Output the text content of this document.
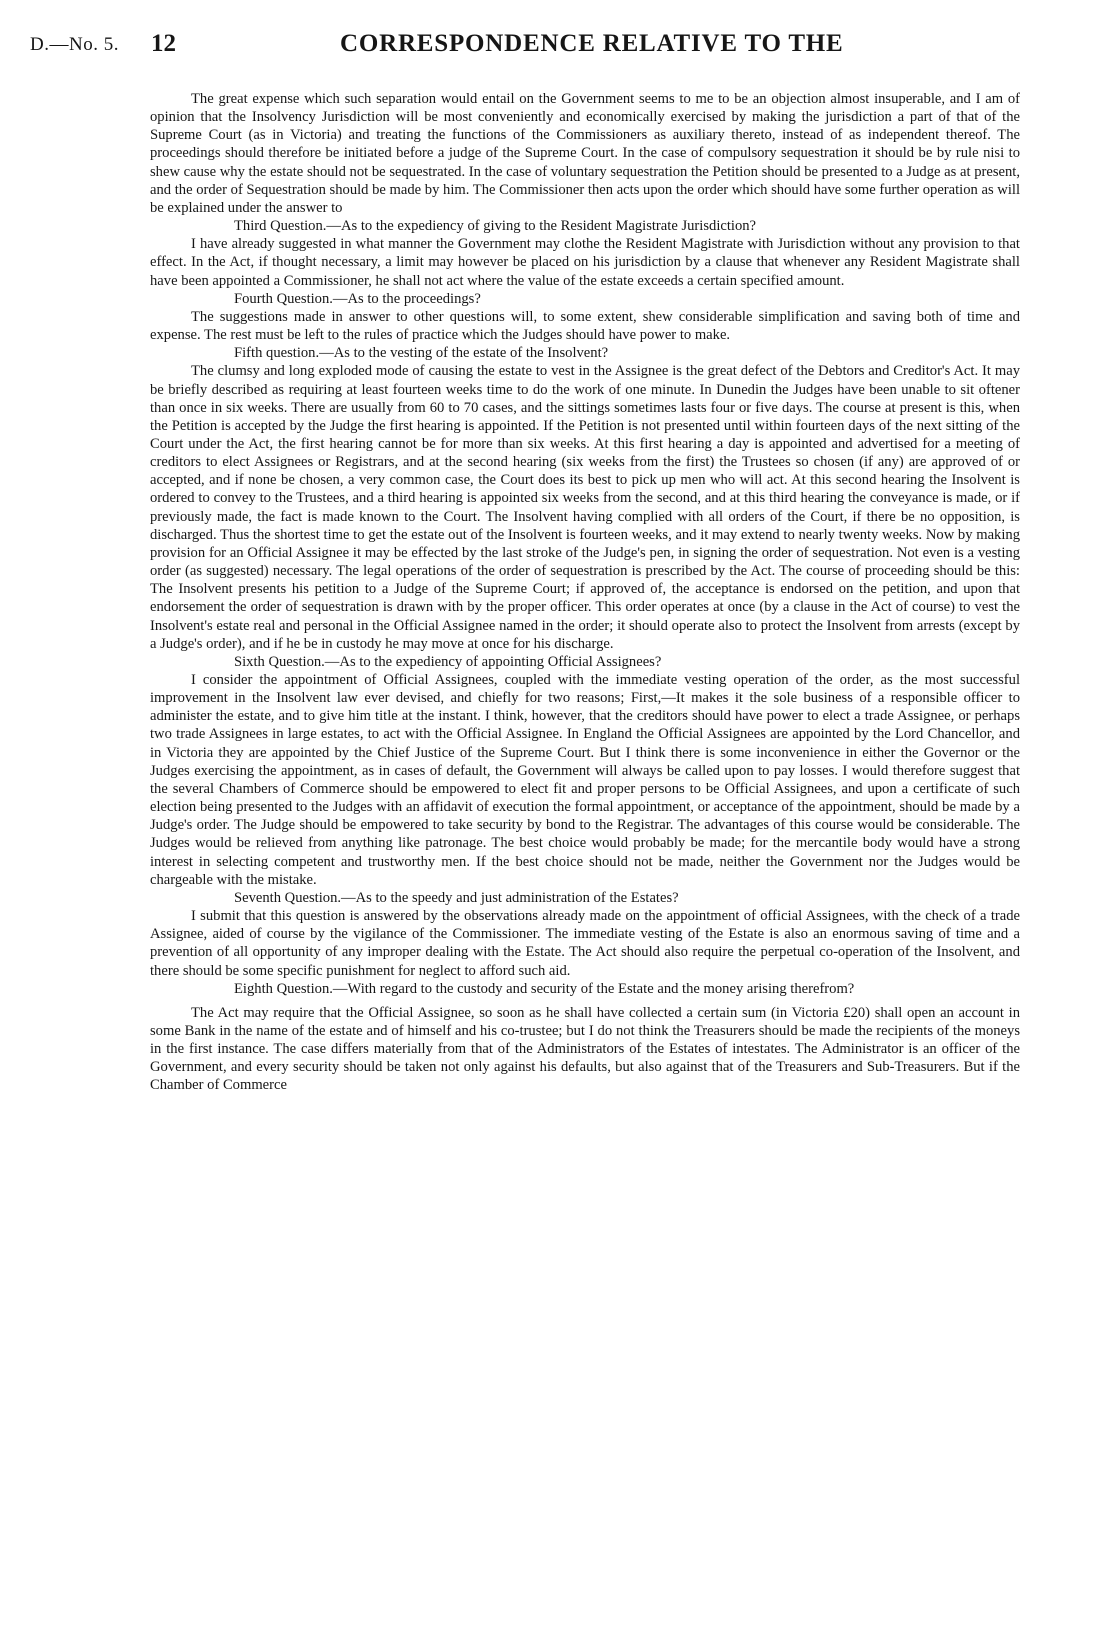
D.—No. 5. 12	CORRESPONDENCE RELATIVE TO THE

The great expense which such separation would entail on the Government seems to me to be an objection almost insuperable, and I am of opinion that the Insolvency Jurisdiction will be most conveniently and economically exercised by making the jurisdiction a part of that of the Supreme Court (as in Victoria) and treating the functions of the Commissioners as auxiliary thereto, instead of as independent thereof. The proceedings should therefore be initiated before a judge of the Supreme Court. In the case of compulsory sequestration it should be by rule nisi to shew cause why the estate should not be sequestrated. In the case of voluntary sequestration the Petition should be presented to a Judge as at present, and the order of Sequestration should be made by him. The Commissioner then acts upon the order which should have some further operation as will be explained under the answer to

Third Question.—As to the expediency of giving to the Resident Magistrate Jurisdiction?

I have already suggested in what manner the Government may clothe the Resident Magistrate with Jurisdiction without any provision to that effect. In the Act, if thought necessary, a limit may however be placed on his jurisdiction by a clause that whenever any Resident Magistrate shall have been appointed a Commissioner, he shall not act where the value of the estate exceeds a certain specified amount.

Fourth Question.—As to the proceedings?

The suggestions made in answer to other questions will, to some extent, shew considerable simplification and saving both of time and expense. The rest must be left to the rules of practice which the Judges should have power to make.

Fifth question.—As to the vesting of the estate of the Insolvent?

The clumsy and long exploded mode of causing the estate to vest in the Assignee is the great defect of the Debtors and Creditor's Act. It may be briefly described as requiring at least fourteen weeks time to do the work of one minute. In Dunedin the Judges have been unable to sit oftener than once in six weeks. There are usually from 60 to 70 cases, and the sittings sometimes lasts four or five days. The course at present is this, when the Petition is accepted by the Judge the first hearing is appointed. If the Petition is not presented until within fourteen days of the next sitting of the Court under the Act, the first hearing cannot be for more than six weeks. At this first hearing a day is appointed and advertised for a meeting of creditors to elect Assignees or Registrars, and at the second hearing (six weeks from the first) the Trustees so chosen (if any) are approved of or accepted, and if none be chosen, a very common case, the Court does its best to pick up men who will act. At this second hearing the Insolvent is ordered to convey to the Trustees, and a third hearing is appointed six weeks from the second, and at this third hearing the conveyance is made, or if previously made, the fact is made known to the Court. The Insolvent having complied with all orders of the Court, if there be no opposition, is discharged. Thus the shortest time to get the estate out of the Insolvent is fourteen weeks, and it may extend to nearly twenty weeks. Now by making provision for an Official Assignee it may be effected by the last stroke of the Judge's pen, in signing the order of sequestration. Not even is a vesting order (as suggested) necessary. The legal operations of the order of sequestration is prescribed by the Act. The course of proceeding should be this: The Insolvent presents his petition to a Judge of the Supreme Court; if approved of, the acceptance is endorsed on the petition, and upon that endorsement the order of sequestration is drawn with by the proper officer. This order operates at once (by a clause in the Act of course) to vest the Insolvent's estate real and personal in the Official Assignee named in the order; it should operate also to protect the Insolvent from arrests (except by a Judge's order), and if he be in custody he may move at once for his discharge.

Sixth Question.—As to the expediency of appointing Official Assignees?

I consider the appointment of Official Assignees, coupled with the immediate vesting operation of the order, as the most successful improvement in the Insolvent law ever devised, and chiefly for two reasons; First,—It makes it the sole business of a responsible officer to administer the estate, and to give him title at the instant. I think, however, that the creditors should have power to elect a trade Assignee, or perhaps two trade Assignees in large estates, to act with the Official Assignee. In England the Official Assignees are appointed by the Lord Chancellor, and in Victoria they are appointed by the Chief Justice of the Supreme Court. But I think there is some inconvenience in either the Governor or the Judges exercising the appointment, as in cases of default, the Government will always be called upon to pay losses. I would therefore suggest that the several Chambers of Commerce should be empowered to elect fit and proper persons to be Official Assignees, and upon a certificate of such election being presented to the Judges with an affidavit of execution the formal appointment, or acceptance of the appointment, should be made by a Judge's order. The Judge should be empowered to take security by bond to the Registrar. The advantages of this course would be considerable. The Judges would be relieved from anything like patronage. The best choice would probably be made; for the mercantile body would have a strong interest in selecting competent and trustworthy men. If the best choice should not be made, neither the Government nor the Judges would be chargeable with the mistake.

Seventh Question.—As to the speedy and just administration of the Estates?

I submit that this question is answered by the observations already made on the appointment of official Assignees, with the check of a trade Assignee, aided of course by the vigilance of the Commissioner. The immediate vesting of the Estate is also an enormous saving of time and a prevention of all opportunity of any improper dealing with the Estate. The Act should also require the perpetual co-operation of the Insolvent, and there should be some specific punishment for neglect to afford such aid.

Eighth Question.—With regard to the custody and security of the Estate and the money arising therefrom?

The Act may require that the Official Assignee, so soon as he shall have collected a certain sum (in Victoria £20) shall open an account in some Bank in the name of the estate and of himself and his co-trustee; but I do not think the Treasurers should be made the recipients of the moneys in the first instance. The case differs materially from that of the Administrators of the Estates of intestates. The Administrator is an officer of the Government, and every security should be taken not only against his defaults, but also against that of the Treasurers and Sub-Treasurers. But if the Chamber of Commerce
